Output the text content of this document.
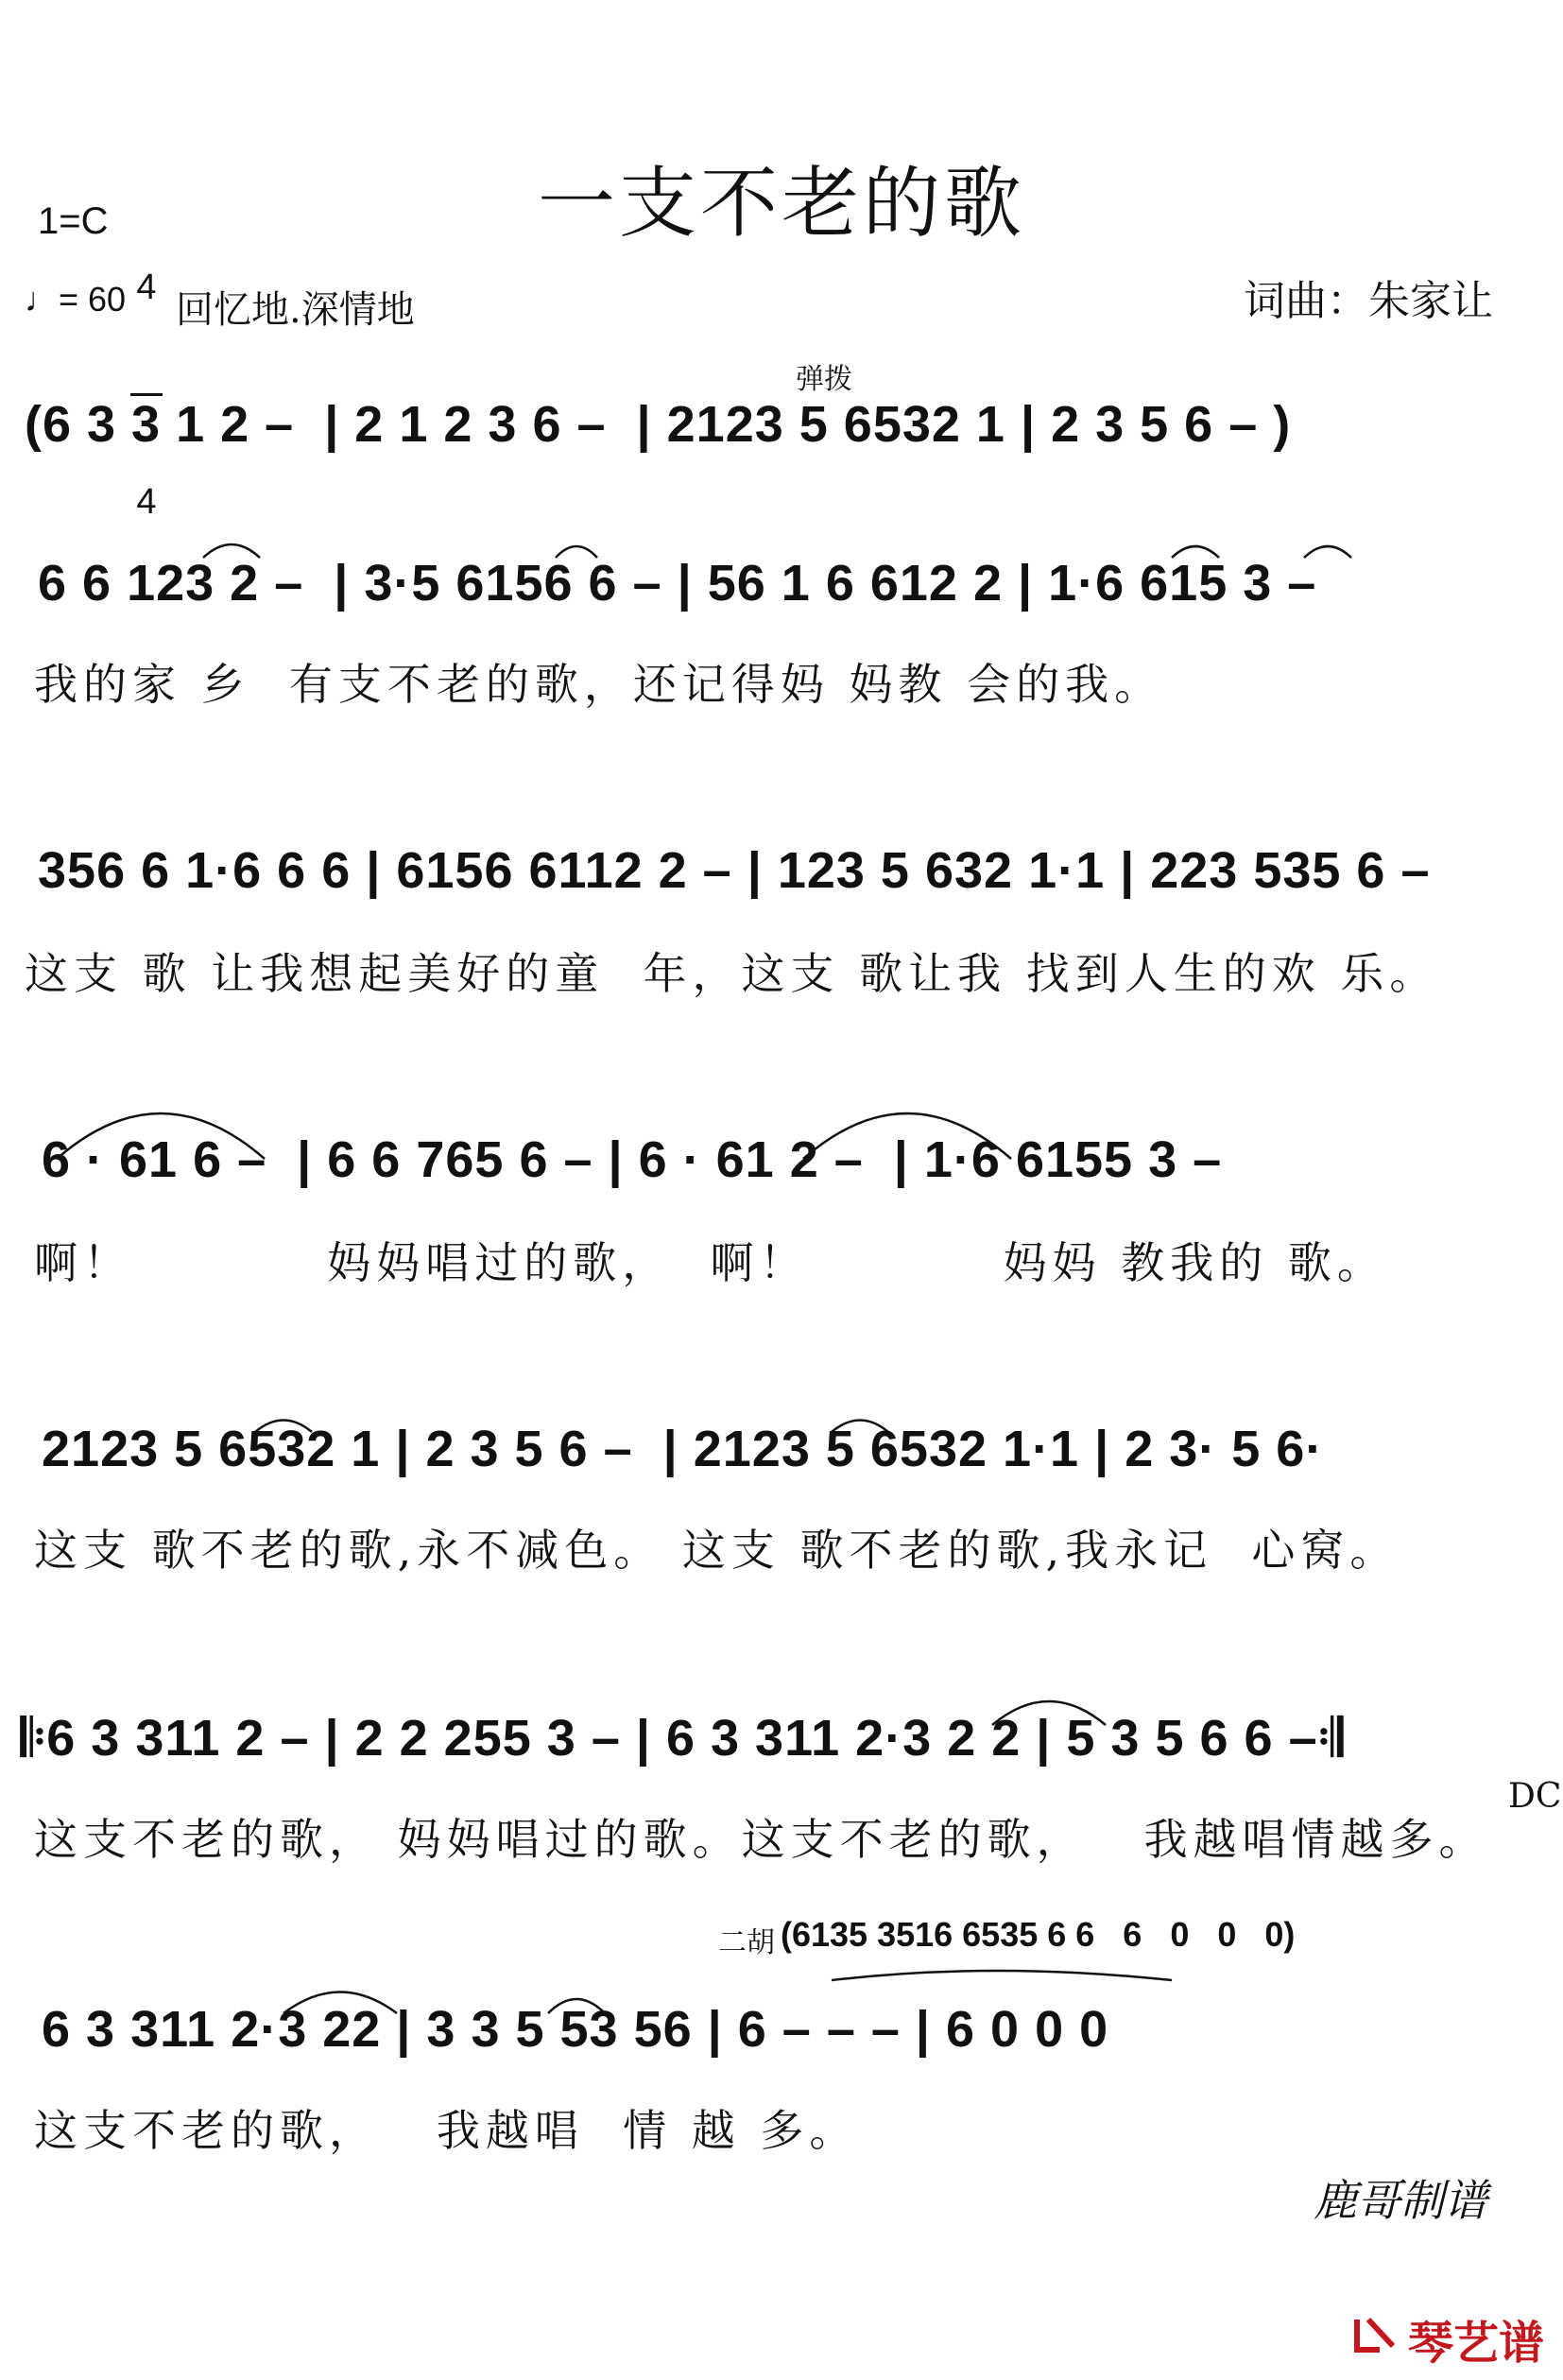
一支不老的歌
1=C

4

4

♩= 60 回忆地.深情地	词曲：朱家让
弹拨
(6 3 3 1 2 –  | 2 1 2 3 6 –  | 2123 5 6532 1 | 2 3 5 6 – )
6 6 123 2 –  | 3·5 6156 6 – | 56 1 6 612 2 | 1·6 615 3 –
我的家 乡  有支不老的歌，还记得妈 妈教 会的我。
356 6 1·6 6 6 | 6156 6112 2 – | 123 5 632 1·1 | 223 535 6 –
这支 歌 让我想起美好的童  年，这支 歌让我 找到人生的欢 乐。
6 · 61 6 –  | 6 6 765 6 – | 6 · 61 2 –  | 1·6 6155 3 –
啊！          妈妈唱过的歌，  啊！          妈妈 教我的 歌。
2123 5 6532 1 | 2 3 5 6 –  | 2123 5 6532 1·1 | 2 3· 5 6·
这支 歌不老的歌,永不减色。 这支 歌不老的歌,我永记  心窝。
𝄆6 3 311 2 – | 2 2 255 3 – | 6 3 311 2·3 2 2 | 5 3 5 6 6 –𝄇
这支不老的歌， 妈妈唱过的歌。这支不老的歌，   我越唱情越多。
DC
二胡 (6135 3516 6535 6 6   6   0   0   0)
6 3 311 2·3 22 | 3 3 5 53 56 | 6 – – – | 6 0 0 0
这支不老的歌，   我越唱  情 越 多。
鹿哥制谱
琴艺谱
